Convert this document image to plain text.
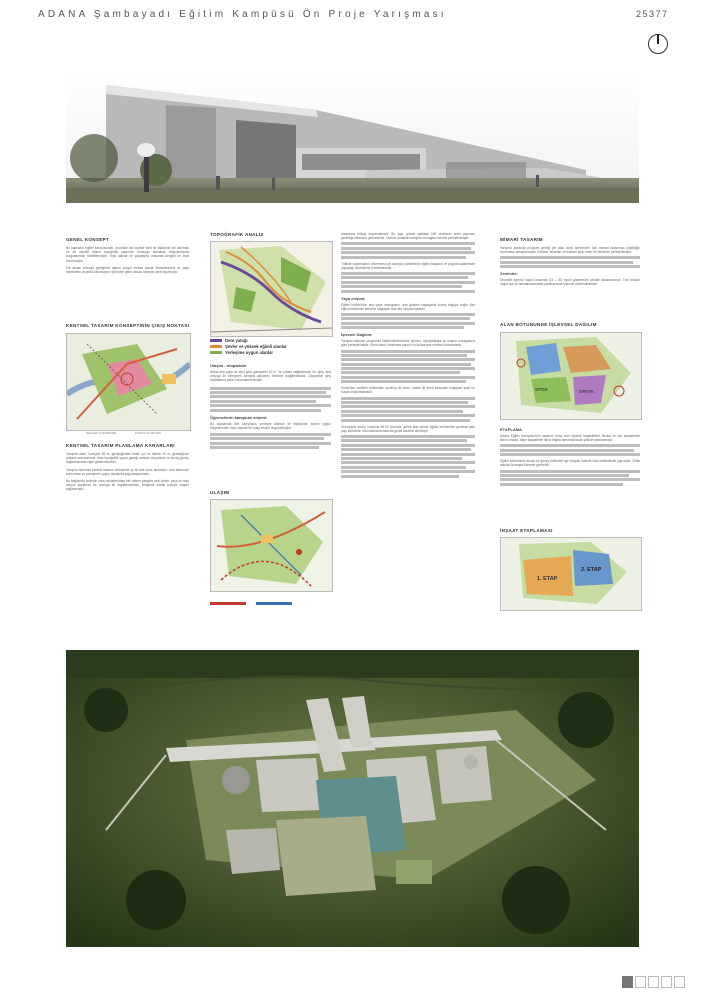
ADANA Şambayadı Eğitim Kampüsü Ön Proje Yarışması	25377
GENEL KONSEPT

Bu kapsamlı eğitim kampüsünün, öncelikle üst ölçekte kent ile ilişkisinin ele alınması ve alt ölçekte alanın topoğrafik yapısının sunduğu olanaklar doğrultusunda kurgulanması hedeflenmiştir. Yeşil alanlar ile yapılaşma arasında dengeli bir ilişki kurulmuştur.

Ele alınan konsept gereğince alanın sosyal mekan olarak düzenlenmesi ve yaya hareketleri öncelikli tutulmuştur. Şehirden gelen akslar kampüs içine taşınmıştır.

KENTSEL TASARIM KONSEPTİNİN ÇIKIŞ NOKTASI
DEVLET KURUMLARI	KONUT ALANLARI
KENTSEL TASARIM PLANLAMA KARARLARI

Yarışma alanı, kuzeyde 55 m. genişliğindeki imarlı yol ve batıda 15 m. genişliğinde yollarla sınırlanmıştır. Alan topoğrafik yapısı gereği vadiden oluşmakta ve kuzey-güney doğrultusunda eğim göstermektedir.

Yarışma alanında kentsel tasarım düzeyinde şu iki ana karar alınmıştır: vadi tabanının korunması ve yerleşimin uygun alanlarda yoğunlaştırılması.

Bu bağlamda projenin çıkış noktalarından biri; alanın yatayda vadi içinde, yaya ve taşıt akışını ayrıştıran bir omurga ile örgütlenmesidir. Bölgesel olarak kuzeye ulaşım sağlanmıştır.

TOPOĞRAFİK ANALİZ
Dere yatağı
Şevler ve yüksek eğimli alanlar
Yerleşime uygun alanlar
Ulaşım - otoparklar
Alana ana yaya ve taşıt giriş güneydeki 10 m. lik yoldan sağlanmıştır. Bu giriş, ana omurga ile birleşerek kampüs yapılarını birbirine bağlamaktadır. Otoparklar giriş noktalarına yakın konumlandırılmıştır.
Öğrencilerin kampüse erişimi:
Bu kapsamda ilde kampüsün yerleşim alanları ile ilişkisinde, kentin yoğun bölgelerinden toplu taşıma ile kolay erişimi öngörülmüştür.
ULAŞIM

araçlarına ihtiyaç duyulmaktadır. Bu sayı, günde yaklaşık 150 otobüsün sefer yapması gerektiği anlamına gelmektedir. Otobüs durakları kampüs omurgası üzerine yerleştirilmiştir.
Trafikte sığınmaların önlenmesi için kampüs yönetiminin eğitim başlama ve paydos saatlerinde yapacağı düzenleme önerilmektedir.
Yaya erişimi:
Eğitim bölümünün ana yaya omurgasını, ana girişten başlayarak kuzey doğuya doğru tüm eğitim birimlerini birbirine bağlayan ana aks oluşturmaktadır.
İşlevsel Dağılım:
Yarışma alanının programla ilişkilendirilmesinde işlevler, topoğrafyaya ve ulaşım omurgasına göre yerleştirilmiştir. Genel alan, konferans salonu ve kütüphane merkezi konumdadır.
Kuzeyden vadiden birbirinden ayrılmış iki teras, cadde ile kenti kampüse bağlayan yeşil bir kuşak oluşturmaktadır.
Güneydeki kuzey kırsalına 65.00 kotunda, gerek alan içinde eğitim birimlerinin gerekse alan yapı kütlesinin konumlandırılmasında genel kararlar alınmıştır.
MİMARİ TASARIM
Yarışma alanında program gereği yer alan farklı işlevlerden tüm mimari tasarımda çeşitliliğin korunması amaçlanmıştır. Kütleler, terasları ve avluları takip eden bir düzende yerleştirilmiştir.
Zeminler:
Öncelikli öğrenci sayısı arasında (24 – 30) uyum gösterecek şekilde tasarlanmıştır. Tüm binalar doğal ışık ve havalandırmadan yararlanacak biçimde yönlendirilmiştir.
ALAN BOTUNUNDE İŞLEVSEL DAĞILIM
SPOR	ORTAK
ETAPLAMA
Adana Eğitim Kampüsü'nün tasarımı esas olan öğrenci kapasiteleri; İlkokul ve lise kapasiteleri birinci etapta, diğer kapasiteler ikinci etapta tamamlanacak şekilde planlanmıştır.
Eğitim bölümünün kuzey ve güney bölümleri ayrı etaplar halinde inşa edilebilecek yapıdadır. Ortak alanlar ilk etapta hizmete girecektir.
İNŞAAT ETAPLAMASI
1. ETAP
2. ETAP
